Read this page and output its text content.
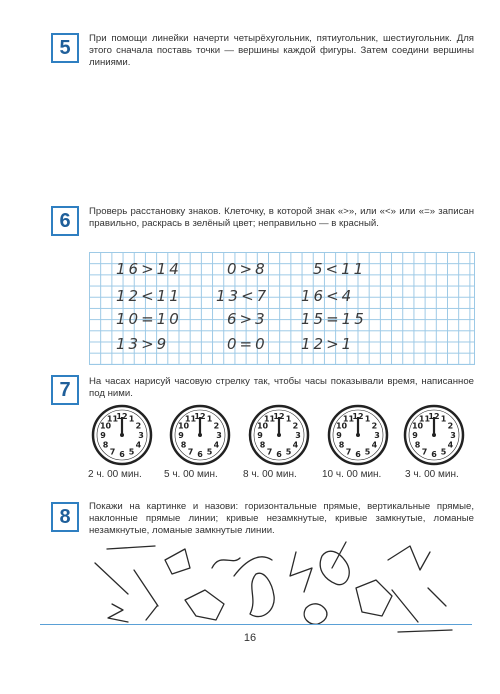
5	При помощи линейки начерти четырёхугольник, пятиугольник, шестиугольник. Для этого сначала поставь точки — вершины каждой фигуры. Затем соедини вершины линиями.
6	Проверь расстановку знаков. Клеточку, в которой знак «>», или «<» или «=» записан правильно, раскрась в зелёный цвет; неправильно — в красный.
16>14	0>8	5<11
12<11 13<7 16<4
10=10	6>3 15=15
13>9	0=0 12>1
7	На часах нарисуй часовую стрелку так, чтобы часы показывали время, написанное под ними.
12 1
2
3
4
5
6
7
8
9
10
11	12 1
2
3
4
5
6
7
8
9
10
11	12 1
2
3
4
5
6
7
8
9
10
11	12 1
2
3
4
5
6
7
8
9
10
11	12 1
2
3
4
5
6
7
8
9
10
11
2 ч. 00 мин. 5 ч. 00 мин.	8 ч. 00 мин.	10 ч. 00 мин. 3 ч. 00 мин.
8	Покажи на картинке и назови: горизонтальные прямые, вертикальные прямые, наклонные прямые линии; кривые незамкнутые, кривые замкнутые, ломаные незамкнутые, ломаные замкнутые линии.
16
